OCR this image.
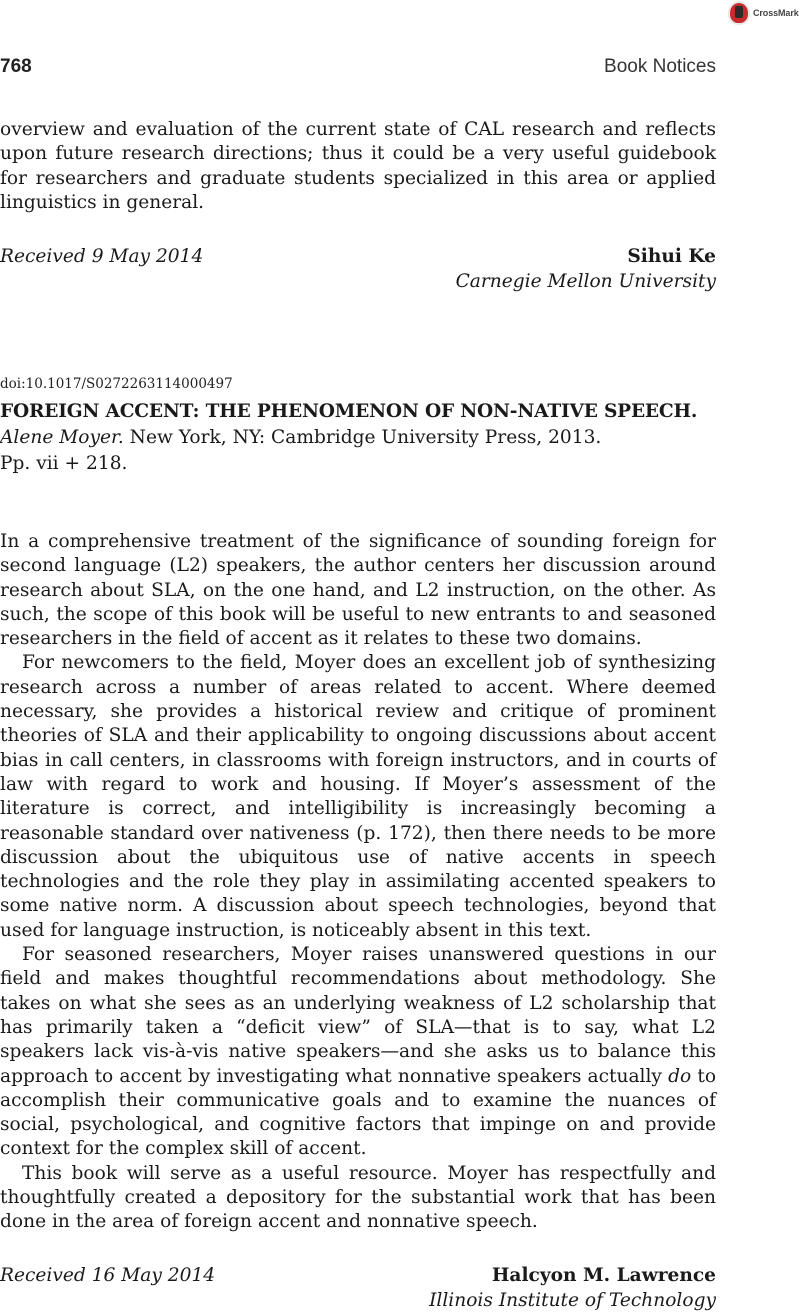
CrossMark
768	Book Notices

overview and evaluation of the current state of CAL research and reflects upon future research directions; thus it could be a very useful guidebook for researchers and graduate students specialized in this area or applied linguistics in general.

Received 9 May 2014	Sihui Ke
Carnegie Mellon University
doi:10.1017/S0272263114000497
FOREIGN ACCENT: THE PHENOMENON OF NON-NATIVE SPEECH.
Alene Moyer. New York, NY: Cambridge University Press, 2013.
Pp. vii + 218.

In a comprehensive treatment of the significance of sounding foreign for second language (L2) speakers, the author centers her discussion around research about SLA, on the one hand, and L2 instruction, on the other. As such, the scope of this book will be useful to new entrants to and seasoned researchers in the field of accent as it relates to these two domains.

For newcomers to the field, Moyer does an excellent job of synthesizing research across a number of areas related to accent. Where deemed necessary, she provides a historical review and critique of prominent theories of SLA and their applicability to ongoing discussions about accent bias in call centers, in classrooms with foreign instructors, and in courts of law with regard to work and housing. If Moyer’s assessment of the literature is correct, and intelligibility is increasingly becoming a reasonable standard over nativeness (p. 172), then there needs to be more discussion about the ubiquitous use of native accents in speech technologies and the role they play in assimilating accented speakers to some native norm. A discussion about speech technologies, beyond that used for language instruction, is noticeably absent in this text.

For seasoned researchers, Moyer raises unanswered questions in our field and makes thoughtful recommendations about methodology. She takes on what she sees as an underlying weakness of L2 scholarship that has primarily taken a “deficit view” of SLA—that is to say, what L2 speakers lack vis-à-vis native speakers—and she asks us to balance this approach to accent by investigating what nonnative speakers actually do to accomplish their communicative goals and to examine the nuances of social, psychological, and cognitive factors that impinge on and provide context for the complex skill of accent.

This book will serve as a useful resource. Moyer has respectfully and thoughtfully created a depository for the substantial work that has been done in the area of foreign accent and nonnative speech.

Received 16 May 2014	Halcyon M. Lawrence
Illinois Institute of Technology
